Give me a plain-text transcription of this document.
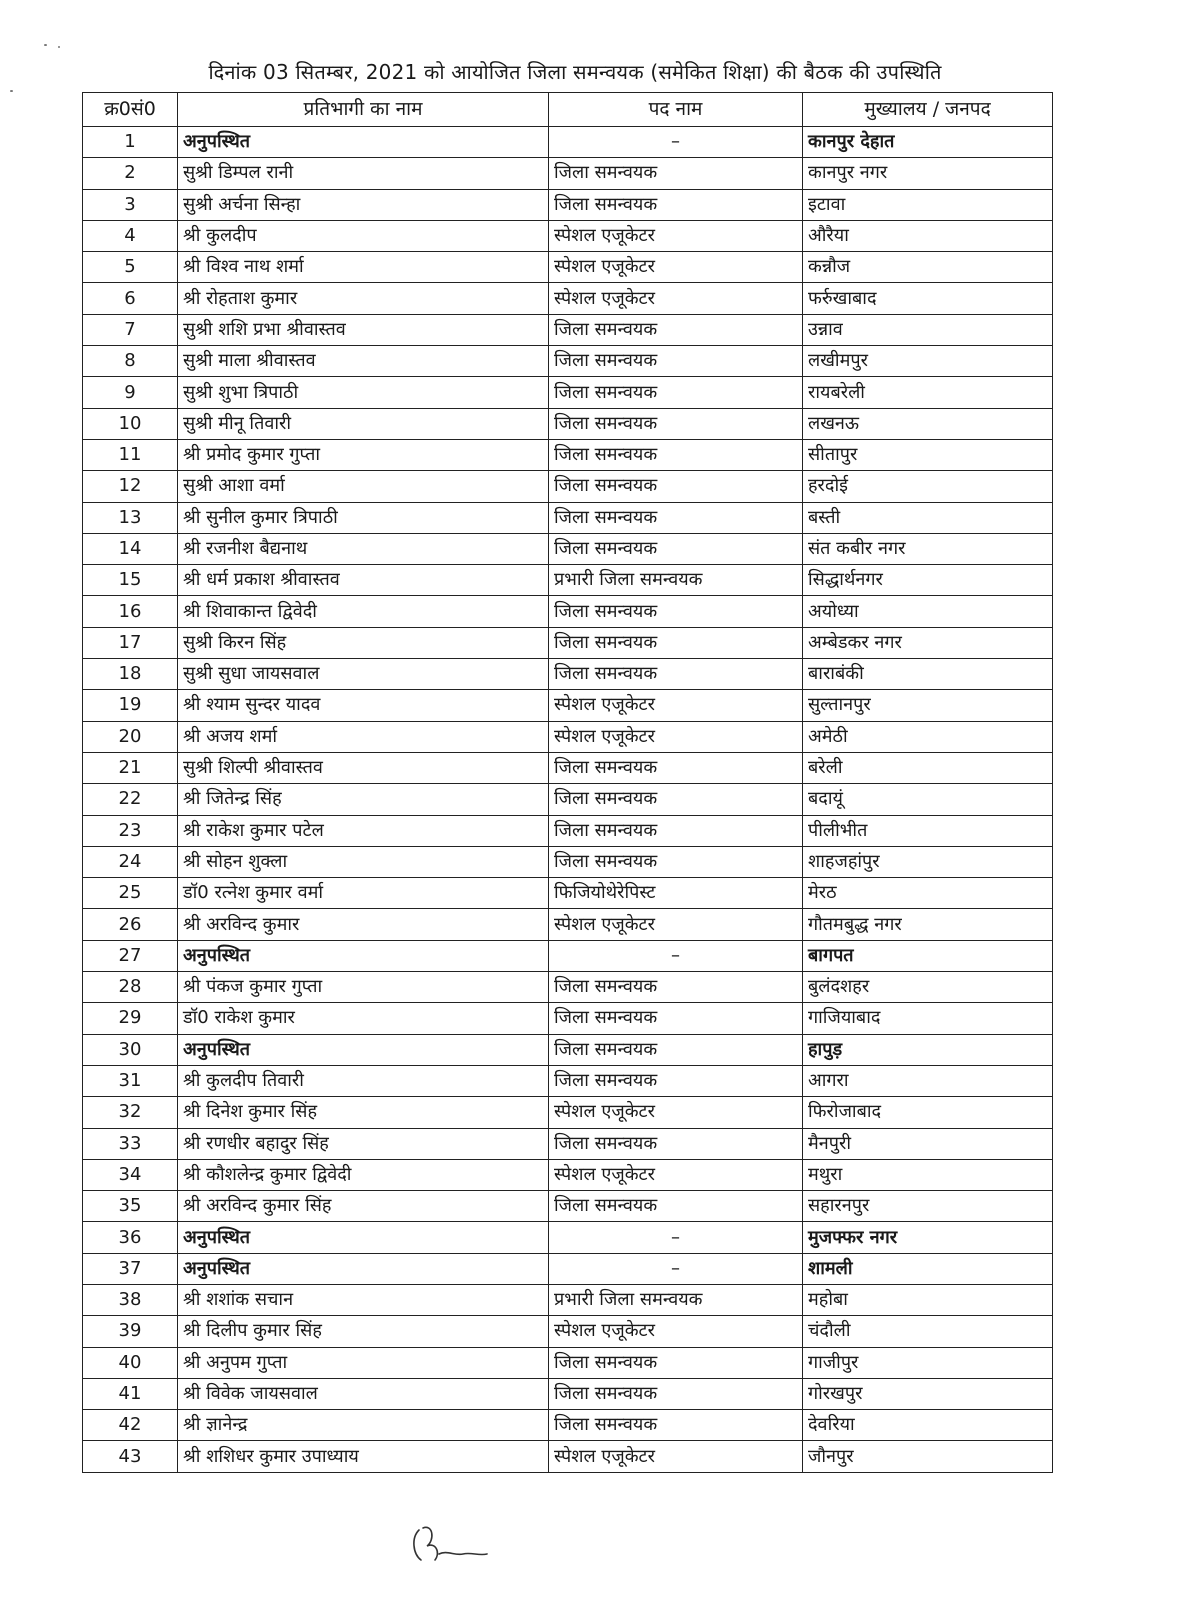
दिनांक 03 सितम्बर, 2021 को आयोजित जिला समन्वयक (समेकित शिक्षा) की बैठक की उपस्थिति
क्र0सं0	प्रतिभागी का नाम	पद नाम	मुख्यालय / जनपद
1	अनुपस्थित	–	कानपुर देहात
2	सुश्री डिम्पल रानी	जिला समन्वयक	कानपुर नगर
3	सुश्री अर्चना सिन्हा	जिला समन्वयक	इटावा
4	श्री कुलदीप	स्पेशल एजूकेटर	औरैया
5	श्री विश्व नाथ शर्मा	स्पेशल एजूकेटर	कन्नौज
6	श्री रोहताश कुमार	स्पेशल एजूकेटर	फर्रुखाबाद
7	सुश्री शशि प्रभा श्रीवास्तव	जिला समन्वयक	उन्नाव
8	सुश्री माला श्रीवास्तव	जिला समन्वयक	लखीमपुर
9	सुश्री शुभा त्रिपाठी	जिला समन्वयक	रायबरेली
10	सुश्री मीनू तिवारी	जिला समन्वयक	लखनऊ
11	श्री प्रमोद कुमार गुप्ता	जिला समन्वयक	सीतापुर
12	सुश्री आशा वर्मा	जिला समन्वयक	हरदोई
13	श्री सुनील कुमार त्रिपाठी	जिला समन्वयक	बस्ती
14	श्री रजनीश बैद्यनाथ	जिला समन्वयक	संत कबीर नगर
15	श्री धर्म प्रकाश श्रीवास्तव	प्रभारी जिला समन्वयक	सिद्धार्थनगर
16	श्री शिवाकान्त द्विवेदी	जिला समन्वयक	अयोध्या
17	सुश्री किरन सिंह	जिला समन्वयक	अम्बेडकर नगर
18	सुश्री सुधा जायसवाल	जिला समन्वयक	बाराबंकी
19	श्री श्याम सुन्दर यादव	स्पेशल एजूकेटर	सुल्तानपुर
20	श्री अजय शर्मा	स्पेशल एजूकेटर	अमेठी
21	सुश्री शिल्पी श्रीवास्तव	जिला समन्वयक	बरेली
22	श्री जितेन्द्र सिंह	जिला समन्वयक	बदायूं
23	श्री राकेश कुमार पटेल	जिला समन्वयक	पीलीभीत
24	श्री सोहन शुक्ला	जिला समन्वयक	शाहजहांपुर
25	डॉ0 रत्नेश कुमार वर्मा	फिजियोथेरेपिस्ट	मेरठ
26	श्री अरविन्द कुमार	स्पेशल एजूकेटर	गौतमबुद्ध नगर
27	अनुपस्थित	–	बागपत
28	श्री पंकज कुमार गुप्ता	जिला समन्वयक	बुलंदशहर
29	डॉ0 राकेश कुमार	जिला समन्वयक	गाजियाबाद
30	अनुपस्थित	जिला समन्वयक	हापुड़
31	श्री कुलदीप तिवारी	जिला समन्वयक	आगरा
32	श्री दिनेश कुमार सिंह	स्पेशल एजूकेटर	फिरोजाबाद
33	श्री रणधीर बहादुर सिंह	जिला समन्वयक	मैनपुरी
34	श्री कौशलेन्द्र कुमार द्विवेदी	स्पेशल एजूकेटर	मथुरा
35	श्री अरविन्द कुमार सिंह	जिला समन्वयक	सहारनपुर
36	अनुपस्थित	–	मुजफ्फर नगर
37	अनुपस्थित	–	शामली
38	श्री शशांक सचान	प्रभारी जिला समन्वयक	महोबा
39	श्री दिलीप कुमार सिंह	स्पेशल एजूकेटर	चंदौली
40	श्री अनुपम गुप्ता	जिला समन्वयक	गाजीपुर
41	श्री विवेक जायसवाल	जिला समन्वयक	गोरखपुर
42	श्री ज्ञानेन्द्र	जिला समन्वयक	देवरिया
43	श्री शशिधर कुमार उपाध्याय	स्पेशल एजूकेटर	जौनपुर
